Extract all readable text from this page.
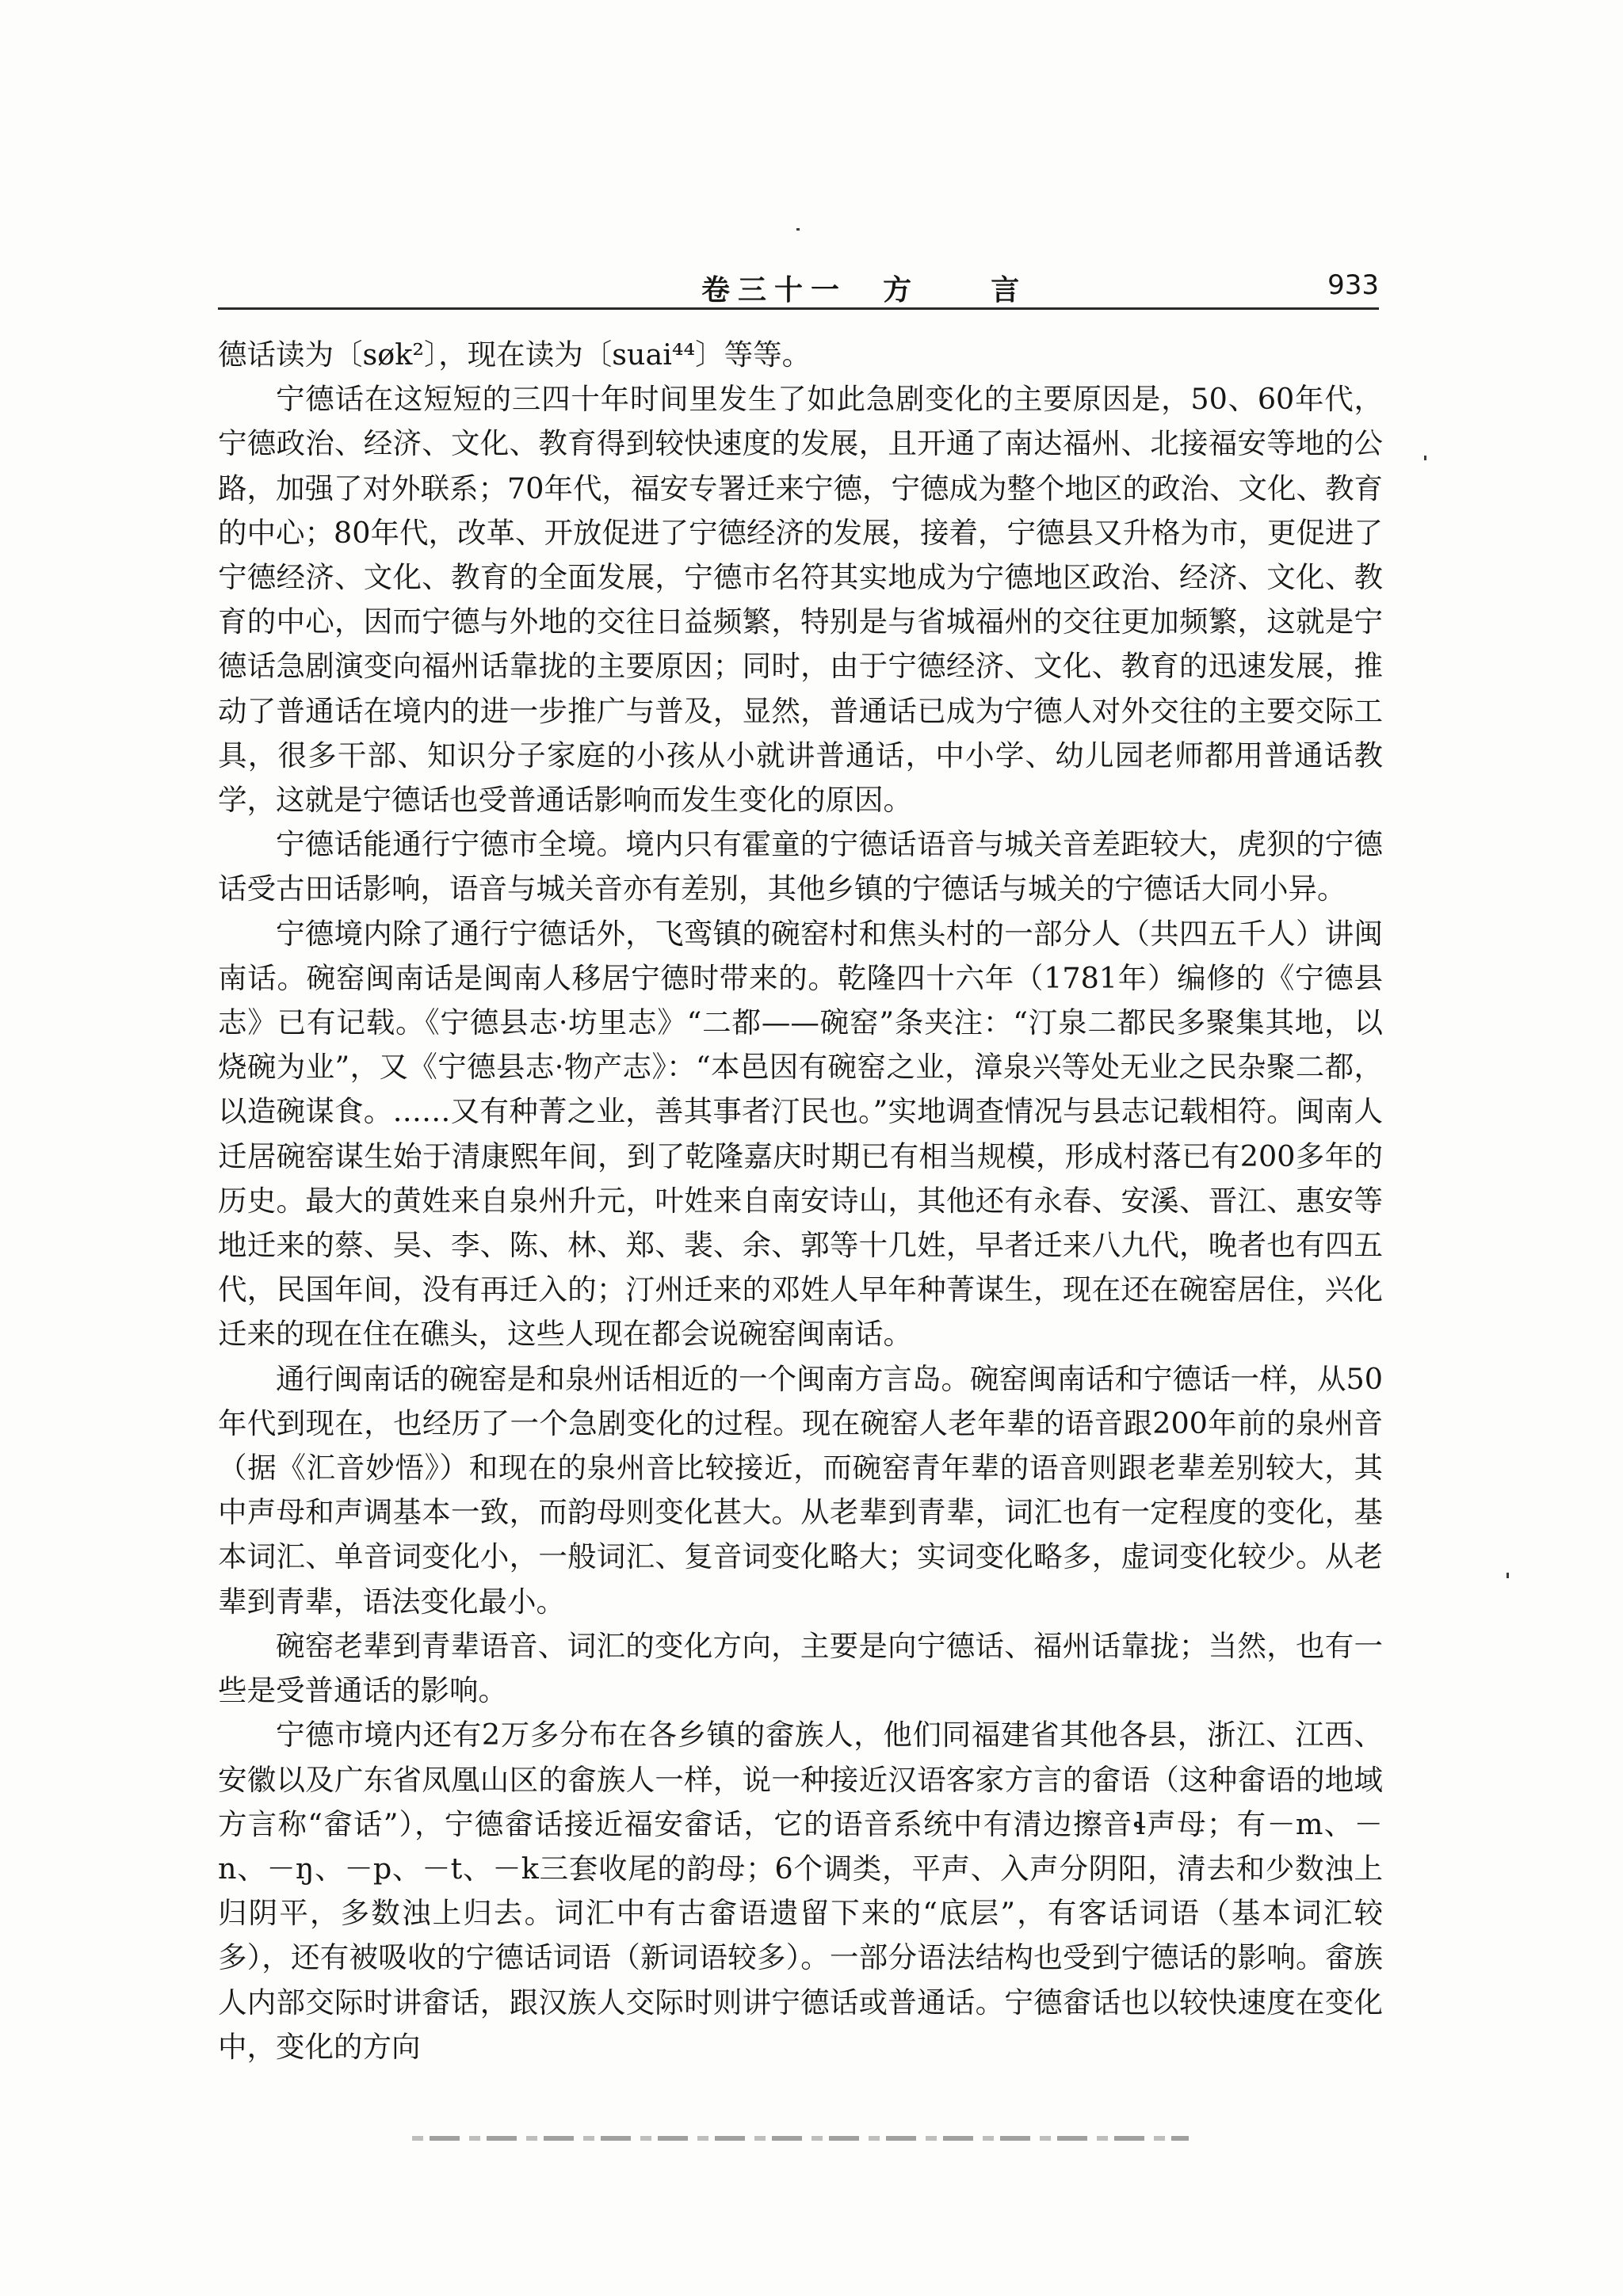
卷三十一  方    言	933

德话读为〔søk²〕，现在读为〔suai⁴⁴〕等等。

宁德话在这短短的三四十年时间里发生了如此急剧变化的主要原因是，50、60年代，宁德政治、经济、文化、教育得到较快速度的发展，且开通了南达福州、北接福安等地的公路，加强了对外联系；70年代，福安专署迁来宁德，宁德成为整个地区的政治、文化、教育的中心；80年代，改革、开放促进了宁德经济的发展，接着，宁德县又升格为市，更促进了宁德经济、文化、教育的全面发展，宁德市名符其实地成为宁德地区政治、经济、文化、教育的中心，因而宁德与外地的交往日益频繁，特别是与省城福州的交往更加频繁，这就是宁德话急剧演变向福州话靠拢的主要原因；同时，由于宁德经济、文化、教育的迅速发展，推动了普通话在境内的进一步推广与普及，显然，普通话已成为宁德人对外交往的主要交际工具，很多干部、知识分子家庭的小孩从小就讲普通话，中小学、幼儿园老师都用普通话教学，这就是宁德话也受普通话影响而发生变化的原因。

宁德话能通行宁德市全境。境内只有霍童的宁德话语音与城关音差距较大，虎狈的宁德话受古田话影响，语音与城关音亦有差别，其他乡镇的宁德话与城关的宁德话大同小异。

宁德境内除了通行宁德话外，飞鸾镇的碗窑村和焦头村的一部分人（共四五千人）讲闽南话。碗窑闽南话是闽南人移居宁德时带来的。乾隆四十六年（1781年）编修的《宁德县志》已有记载。《宁德县志·坊里志》“二都——碗窑”条夹注：“汀泉二都民多聚集其地，以烧碗为业”，又《宁德县志·物产志》：“本邑因有碗窑之业，漳泉兴等处无业之民杂聚二都，以造碗谋食。……又有种菁之业，善其事者汀民也。”实地调查情况与县志记载相符。闽南人迁居碗窑谋生始于清康熙年间，到了乾隆嘉庆时期已有相当规模，形成村落已有200多年的历史。最大的黄姓来自泉州升元，叶姓来自南安诗山，其他还有永春、安溪、晋江、惠安等地迁来的蔡、吴、李、陈、林、郑、裴、余、郭等十几姓，早者迁来八九代，晚者也有四五代，民国年间，没有再迁入的；汀州迁来的邓姓人早年种菁谋生，现在还在碗窑居住，兴化迁来的现在住在礁头，这些人现在都会说碗窑闽南话。

通行闽南话的碗窑是和泉州话相近的一个闽南方言岛。碗窑闽南话和宁德话一样，从50年代到现在，也经历了一个急剧变化的过程。现在碗窑人老年辈的语音跟200年前的泉州音（据《汇音妙悟》）和现在的泉州音比较接近，而碗窑青年辈的语音则跟老辈差别较大，其中声母和声调基本一致，而韵母则变化甚大。从老辈到青辈，词汇也有一定程度的变化，基本词汇、单音词变化小，一般词汇、复音词变化略大；实词变化略多，虚词变化较少。从老辈到青辈，语法变化最小。

碗窑老辈到青辈语音、词汇的变化方向，主要是向宁德话、福州话靠拢；当然，也有一些是受普通话的影响。

宁德市境内还有2万多分布在各乡镇的畲族人，他们同福建省其他各县，浙江、江西、安徽以及广东省凤凰山区的畲族人一样，说一种接近汉语客家方言的畲语（这种畲语的地域方言称“畲话”），宁德畲话接近福安畲话，它的语音系统中有清边擦音ɬ声母；有－m、－n、－ŋ、－p、－t、－k三套收尾的韵母；6个调类，平声、入声分阴阳，清去和少数浊上归阴平，多数浊上归去。词汇中有古畲语遗留下来的“底层”，有客话词语（基本词汇较多），还有被吸收的宁德话词语（新词语较多）。一部分语法结构也受到宁德话的影响。畲族人内部交际时讲畲话，跟汉族人交际时则讲宁德话或普通话。宁德畲话也以较快速度在变化中，变化的方向
